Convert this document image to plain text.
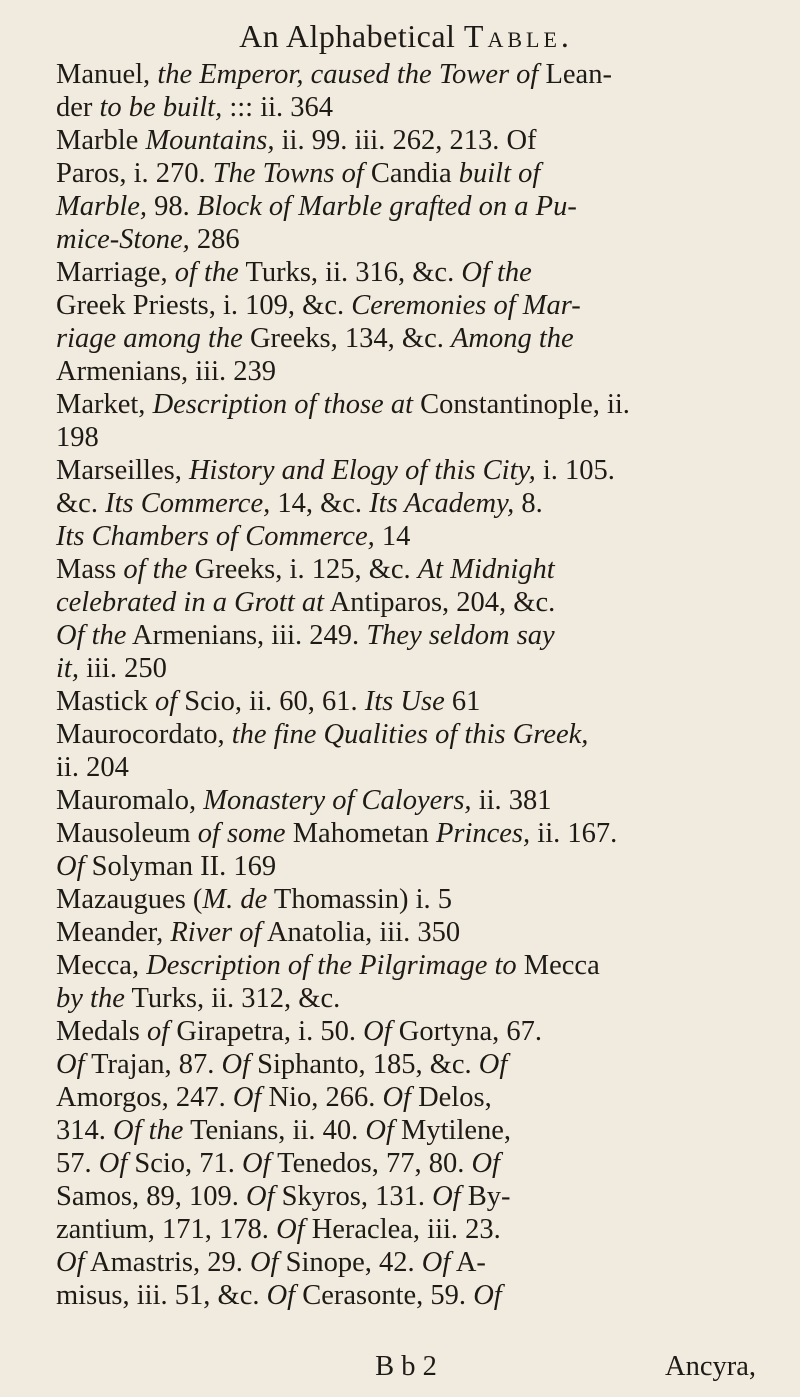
An Alphabetical Table.
Manuel, the Emperor, caused the Tower of Lean-
der to be built, ::: ii. 364
Marble Mountains, ii. 99. iii. 262, 213. Of
Paros, i. 270. The Towns of Candia built of
Marble, 98. Block of Marble grafted on a Pu-
mice-Stone, 286
Marriage, of the Turks, ii. 316, &c. Of the
Greek Priests, i. 109, &c. Ceremonies of Mar-
riage among the Greeks, 134, &c. Among the
Armenians, iii. 239
Market, Description of those at Constantinople, ii.
198
Marseilles, History and Elogy of this City, i. 105.
&c. Its Commerce, 14, &c. Its Academy, 8.
Its Chambers of Commerce, 14
Mass of the Greeks, i. 125, &c. At Midnight
celebrated in a Grott at Antiparos, 204, &c.
Of the Armenians, iii. 249. They seldom say
it, iii. 250
Mastick of Scio, ii. 60, 61. Its Use 61
Maurocordato, the fine Qualities of this Greek,
ii. 204
Mauromalo, Monastery of Caloyers, ii. 381
Mausoleum of some Mahometan Princes, ii. 167.
Of Solyman II. 169
Mazaugues (M. de Thomassin) i. 5
Meander, River of Anatolia, iii. 350
Mecca, Description of the Pilgrimage to Mecca
by the Turks, ii. 312, &c.
Medals of Girapetra, i. 50. Of Gortyna, 67.
Of Trajan, 87. Of Siphanto, 185, &c. Of
Amorgos, 247. Of Nio, 266. Of Delos,
314. Of the Tenians, ii. 40. Of Mytilene,
57. Of Scio, 71. Of Tenedos, 77, 80. Of
Samos, 89, 109. Of Skyros, 131. Of By-
zantium, 171, 178. Of Heraclea, iii. 23.
Of Amastris, 29. Of Sinope, 42. Of A-
misus, iii. 51, &c. Of Cerasonte, 59. Of
B b 2	Ancyra,
